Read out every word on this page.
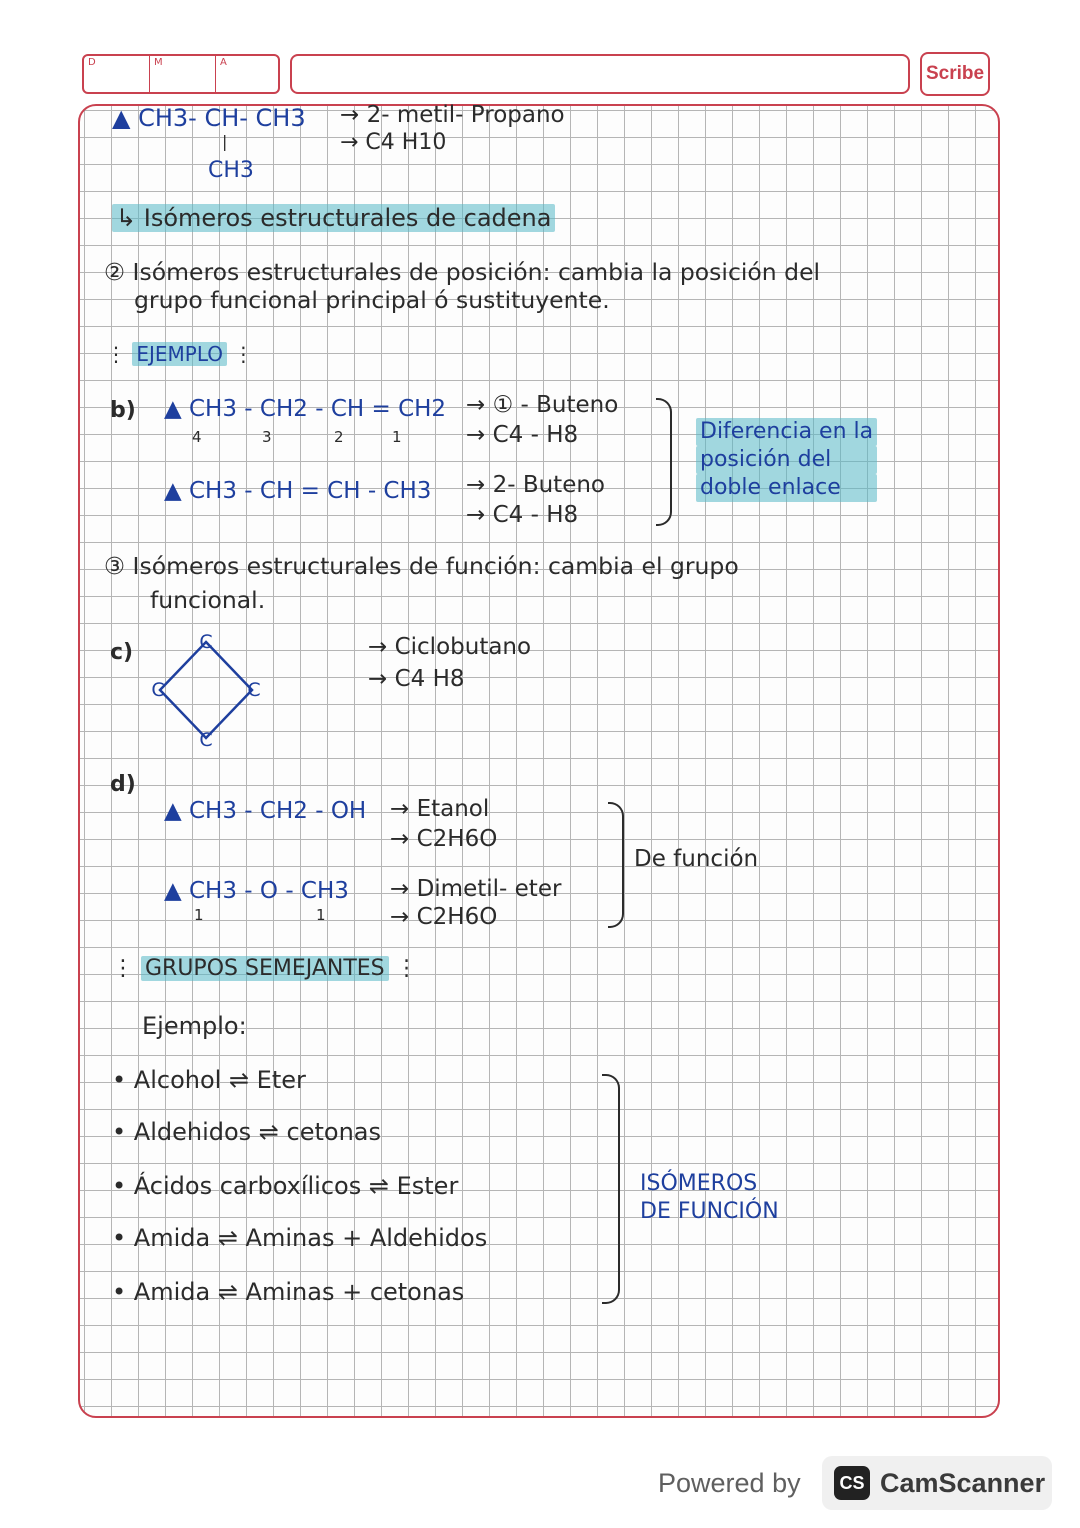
D	M	A
Scribe
▲ CH3- CH- CH3
|
CH3
→ 2- metil- Propano
→ C4 H10
↳ Isómeros estructurales de cadena
② Isómeros estructurales de posición: cambia la posición del
grupo funcional principal ó sustituyente.
⋮ EJEMPLO ⋮
b) ▲ CH3 - CH2 - CH = CH2
4	3	2	1
→ ① - Buteno
→ C4 - H8
▲ CH3 - CH = CH - CH3 → 2- Buteno
→ C4 - H8
Diferencia en la
posición del
doble enlace
③ Isómeros estructurales de función: cambia el grupo
funcional.
c)	C
C
C
C
→ Ciclobutano
→ C4 H8
d)
▲ CH3 - CH2 - OH → Etanol
→ C2H6O
▲ CH3 - O - CH3
1	1
→ Dimetil- eter
→ C2H6O
De función
⋮ GRUPOS SEMEJANTES ⋮
Ejemplo:
• Alcohol ⇌ Eter
• Aldehidos ⇌ cetonas
• Ácidos carboxílicos ⇌ Ester
• Amida ⇌ Aminas + Aldehidos
• Amida ⇌ Aminas + cetonas
ISÓMEROS
DE FUNCIÓN
Powered by	CS CamScanner
